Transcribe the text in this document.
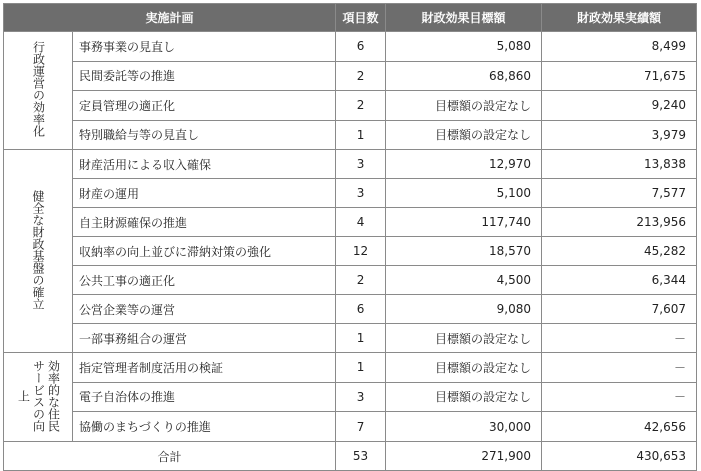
実施計画		項目数	財政効果目標額	財政効果実績額
行政運営の効率化	事務事業の見直し	6	5,080	8,499
	民間委託等の推進	2	68,860	71,675
	定員管理の適正化	2	目標額の設定なし	9,240
	特別職給与等の見直し	1	目標額の設定なし	3,979
健全な財政基盤の確立	財産活用による収入確保	3	12,970	13,838
	財産の運用	3	5,100	7,577
	自主財源確保の推進	4	117,740	213,956
	収納率の向上並びに滞納対策の強化	12	18,570	45,282
	公共工事の適正化	2	4,500	6,344
	公営企業等の運営	6	9,080	7,607
	一部事務組合の運営	1	目標額の設定なし	－
効率的な住民サービスの向上	指定管理者制度活用の検証	1	目標額の設定なし	－
	電子自治体の推進	3	目標額の設定なし	－
	協働のまちづくりの推進	7	30,000	42,656
合計		53	271,900	430,653
